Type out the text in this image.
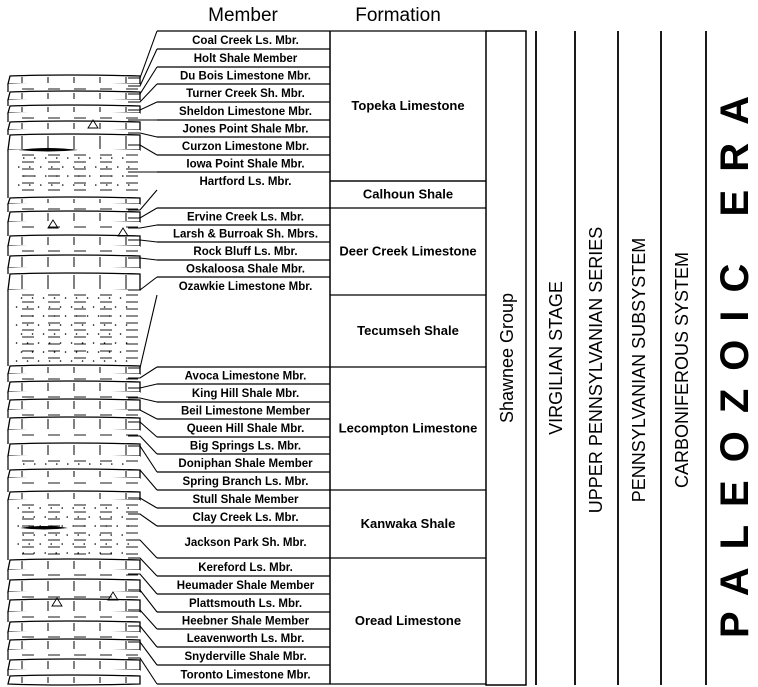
Member	Formation
Coal Creek Ls. Mbr.
Holt Shale Member
Du Bois Limestone Mbr.
Turner Creek Sh. Mbr.
Sheldon Limestone Mbr.
Jones Point Shale Mbr.
Curzon Limestone Mbr.
Iowa Point Shale Mbr.
Hartford Ls. Mbr.
Ervine Creek Ls. Mbr.
Larsh & Burroak Sh. Mbrs.
Rock Bluff Ls. Mbr.
Oskaloosa Shale Mbr.
Ozawkie Limestone Mbr.
Avoca Limestone Mbr.
King Hill Shale Mbr.
Beil Limestone Member
Queen Hill Shale Mbr.
Big Springs Ls. Mbr.
Doniphan Shale Member
Spring Branch Ls. Mbr.
Stull Shale Member
Clay Creek Ls. Mbr.
Jackson Park Sh. Mbr.
Kereford Ls. Mbr.
Heumader Shale Member
Plattsmouth Ls. Mbr.
Heebner Shale Member
Leavenworth Ls. Mbr.
Snyderville Shale Mbr.
Toronto Limestone Mbr.
Topeka Limestone
Calhoun Shale
Deer Creek Limestone
Tecumseh Shale
Lecompton Limestone
Kanwaka Shale
Oread Limestone
Shawnee Group VIRGILIAN STAGE UPPER PENNSYLVANIAN SERIES PENNSYLVANIAN SUBSYSTEM CARBONIFEROUS SYSTEM PALEOZOIC ERA
